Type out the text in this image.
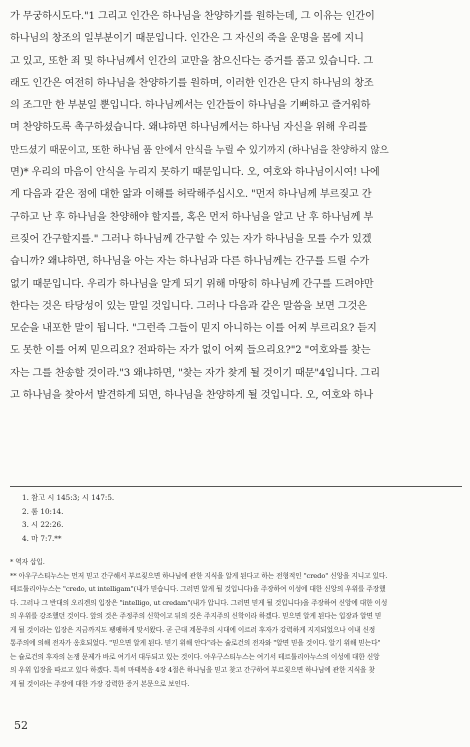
가 무궁하시도다."1 그리고 인간은 하나님을 찬양하기를 원하는데, 그 이유는 인간이
하나님의 창조의 일부분이기 때문입니다. 인간은 그 자신의 죽을 운명을 몸에 지니
고 있고, 또한 죄 및 하나님께서 인간의 교만을 참으신다는 증거를 품고 있습니다. 그
래도 인간은 여전히 하나님을 찬양하기를 원하며, 이러한 인간은 단지 하나님의 창조
의 조그만 한 부분일 뿐입니다. 하나님께서는 인간들이 하나님을 기뻐하고 즐거워하
며 찬양하도록 촉구하셨습니다. 왜냐하면 하나님께서는 하나님 자신을 위해 우리를
만드셨기 때문이고, 또한 하나님 품 안에서 안식을 누릴 수 있기까지 (하나님을 찬양하지 않으
면)* 우리의 마음이 안식을 누리지 못하기 때문입니다. 오, 여호와 하나님이시여! 나에
게 다음과 같은 점에 대한 앎과 이해를 허락해주십시오. "먼저 하나님께 부르짖고 간
구하고 난 후 하나님을 찬양해야 할지를, 혹은 먼저 하나님을 알고 난 후 하나님께 부
르짖어 간구할지를." 그러나 하나님께 간구할 수 있는 자가 하나님을 모를 수가 있겠
습니까? 왜냐하면, 하나님을 아는 자는 하나님과 다른 하나님께는 간구를 드릴 수가
없기 때문입니다. 우리가 하나님을 알게 되기 위해 마땅히 하나님께 간구를 드려야만
한다는 것은 타당성이 있는 말일 것입니다. 그러나 다음과 같은 말씀을 보면 그것은
모순을 내포한 말이 됩니다. "그런즉 그들이 믿지 아니하는 이를 어찌 부르리요? 듣지
도 못한 이를 어찌 믿으리요? 전파하는 자가 없이 어찌 들으리요?"2 "여호와를 찾는
자는 그를 찬송할 것이라."3 왜냐하면, "찾는 자가 찾게 될 것이기 때문"4입니다. 그리
고 하나님을 찾아서 발견하게 되면, 하나님을 찬양하게 될 것입니다. 오, 여호와 하나
1. 참고 시 145:3; 시 147:5.
2. 롬 10:14.
3. 시 22:26.
4. 마 7:7.**
* 역자 삽입.
** 아우구스티누스는 먼저 믿고 간구해서 부르짖으면 하나님에 관한 지식을 알게 된다고 하는 전형적인 "credo" 신앙을 지니고 있다.
테르툴리아누스는 "credo, ut intelligam"(내가 믿습니다. 그러면 알게 될 것입니다)을 주장하여 이성에 대한 신앙의 우위를 주장했
다. 그러나 그 반대의 오리겐의 입장은 "intelligo, ut credam"(내가 압니다. 그러면 믿게 될 것입니다)을 주장하여 신앙에 대한 이성
의 우위를 강조했던 것이다. 앞의 것은 주정주의 신학이고 뒤의 것은 주지주의 신학이라 하겠다. 믿으면 알게 된다는 입장과 알면 믿
게 될 것이라는 입장은 지금까지도 팽팽하게 맞서왔다. 곧 근대 계몽주의 시대에 이르러 후자가 강력하게 지지되었으나 이내 신정
통주의에 의해 전자가 옹호되었다. "믿으면 알게 된다. 믿기 위해 안다"라는 슐로건의 전자와 "알면 믿을 것이다. 알기 위해 믿는다"
는 슐로건의 후자의 논쟁 문제가 바로 여기서 대두되고 있는 것이다. 아우구스티누스는 여기서 테르툴리아누스의 이성에 대한 신앙
의 우위 입장을 따르고 있다 하겠다. 특히 마태복음 4장 4절은 하나님을 믿고 찾고 간구하여 부르짖으면 하나님에 관한 지식을 찾
게 될 것이라는 주장에 대한 가장 강력한 증거 본문으로 보인다.
52
